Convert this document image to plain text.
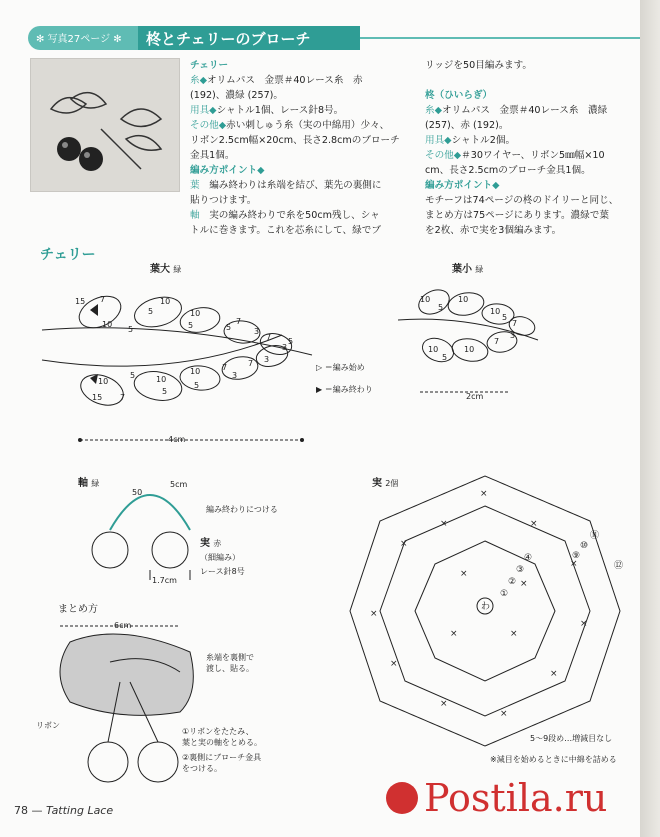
✻ 写真27ページ ✻ 柊とチェリーのブローチ
チェリー
糸◆オリムパス　金票＃40レース糸　赤
(192)、濃緑 (257)。
用具◆シャトル1個、レース針8号。
その他◆赤い刺しゅう糸（実の中綿用）少々、
リボン2.5cm幅×20cm、長さ2.8cmのブローチ
金具1個。
編み方ポイント◆
葉　 編み終わりは糸端を結び、葉先の裏側に
貼りつけます。
軸　 実の編み終わりで糸を50cm残し、シャ
トルに巻きます。これを芯糸にして、緑でブ
リッジを50目編みます。
柊（ひいらぎ）
糸◆オリムパス　金票＃40レース糸　濃緑
(257)、赤 (192)。
用具◆シャトル2個。
その他◆＃30ワイヤー、リボン5㎜幅×10
cm、長さ2.5cmのブローチ金具1個。
編み方ポイント◆
モチーフは74ページの柊のドイリーと同じ、
まとめ方は75ページにあります。濃緑で葉
を2枚、赤で実を3個編みます。
チェリー
葉大 緑	葉小 緑
15 7
10
5
5
10
10
5	5
7
3
7
3
5
10
15 7
5	10
5
10
5
7
3
7 3
4cm
▷ ＝編み始め
▶ ＝編み終わり
10
5
10
10
5
7
10
5
10
7
3
2cm
軸 緑	5cm
50
編み終わりにつける
実 赤
（細編み）
レース針8号
1.7cm
まとめ方
6cm
糸端を裏側で
渡し、貼る。
リボン
①リボンをたたみ、
葉と実の軸をとめる。
②裏側にブローチ金具
をつける。
実 2個
わ
①
②
③
④	⑨
⑩
⑪
⑫
×
×
×
×
×
×
×
×
×
×
×
×
×
×
×
5～9段め…増減目なし
※減目を始めるときに中綿を詰める
78 — Tatting Lace	Postila.ru
